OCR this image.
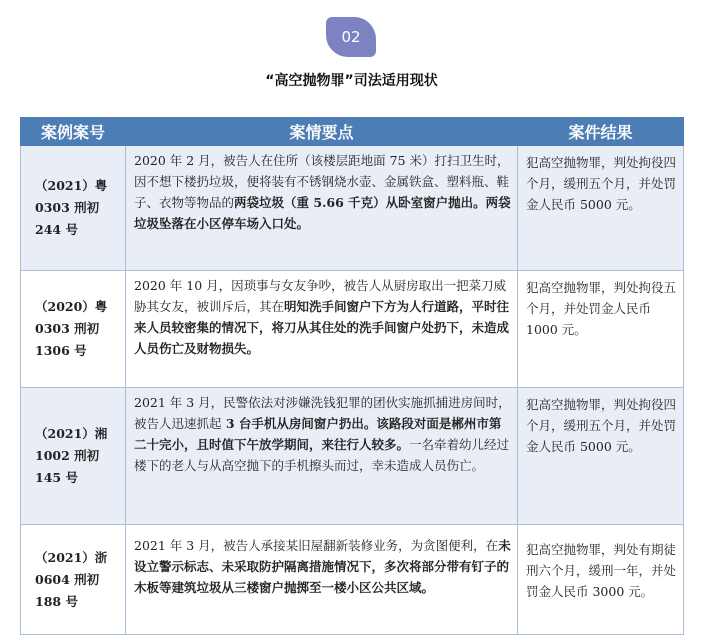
02
“高空抛物罪”司法适用现状
案例案号	案情要点	案件结果

（2021）粤
0303 刑初
244 号	2020 年 2 月，被告人在住所（该楼层距地面 75 米）打扫卫生时，因不想下楼扔垃圾，便将装有不锈钢烧水壶、金属铁盒、塑料瓶、鞋子、衣物等物品的两袋垃圾（重 5.66 千克）从卧室窗户抛出。两袋垃圾坠落在小区停车场入口处。	犯高空抛物罪，判处拘役四个月，缓刑五个月，并处罚金人民币 5000 元。

（2020）粤
0303 刑初
1306 号	2020 年 10 月，因琐事与女友争吵，被告人从厨房取出一把菜刀威胁其女友，被训斥后，其在明知洗手间窗户下方为人行道路，平时往来人员较密集的情况下，将刀从其住处的洗手间窗户处扔下，未造成人员伤亡及财物损失。	犯高空抛物罪，判处拘役五个月，并处罚金人民币 1000 元。

（2021）湘
1002 刑初
145 号	2021 年 3 月，民警依法对涉嫌洗钱犯罪的团伙实施抓捕进房间时，被告人迅速抓起 3 台手机从房间窗户扔出。该路段对面是郴州市第二十完小，且时值下午放学期间，来往行人较多。一名牵着幼儿经过楼下的老人与从高空抛下的手机擦头而过，幸未造成人员伤亡。	犯高空抛物罪，判处拘役四个月，缓刑五个月，并处罚金人民币 5000 元。

（2021）浙
0604 刑初
188 号	2021 年 3 月，被告人承接某旧屋翻新装修业务，为贪图便利，在未设立警示标志、未采取防护隔离措施情况下，多次将部分带有钉子的木板等建筑垃圾从三楼窗户抛掷至一楼小区公共区域。	犯高空抛物罪，判处有期徒刑六个月，缓刑一年，并处罚金人民币 3000 元。
